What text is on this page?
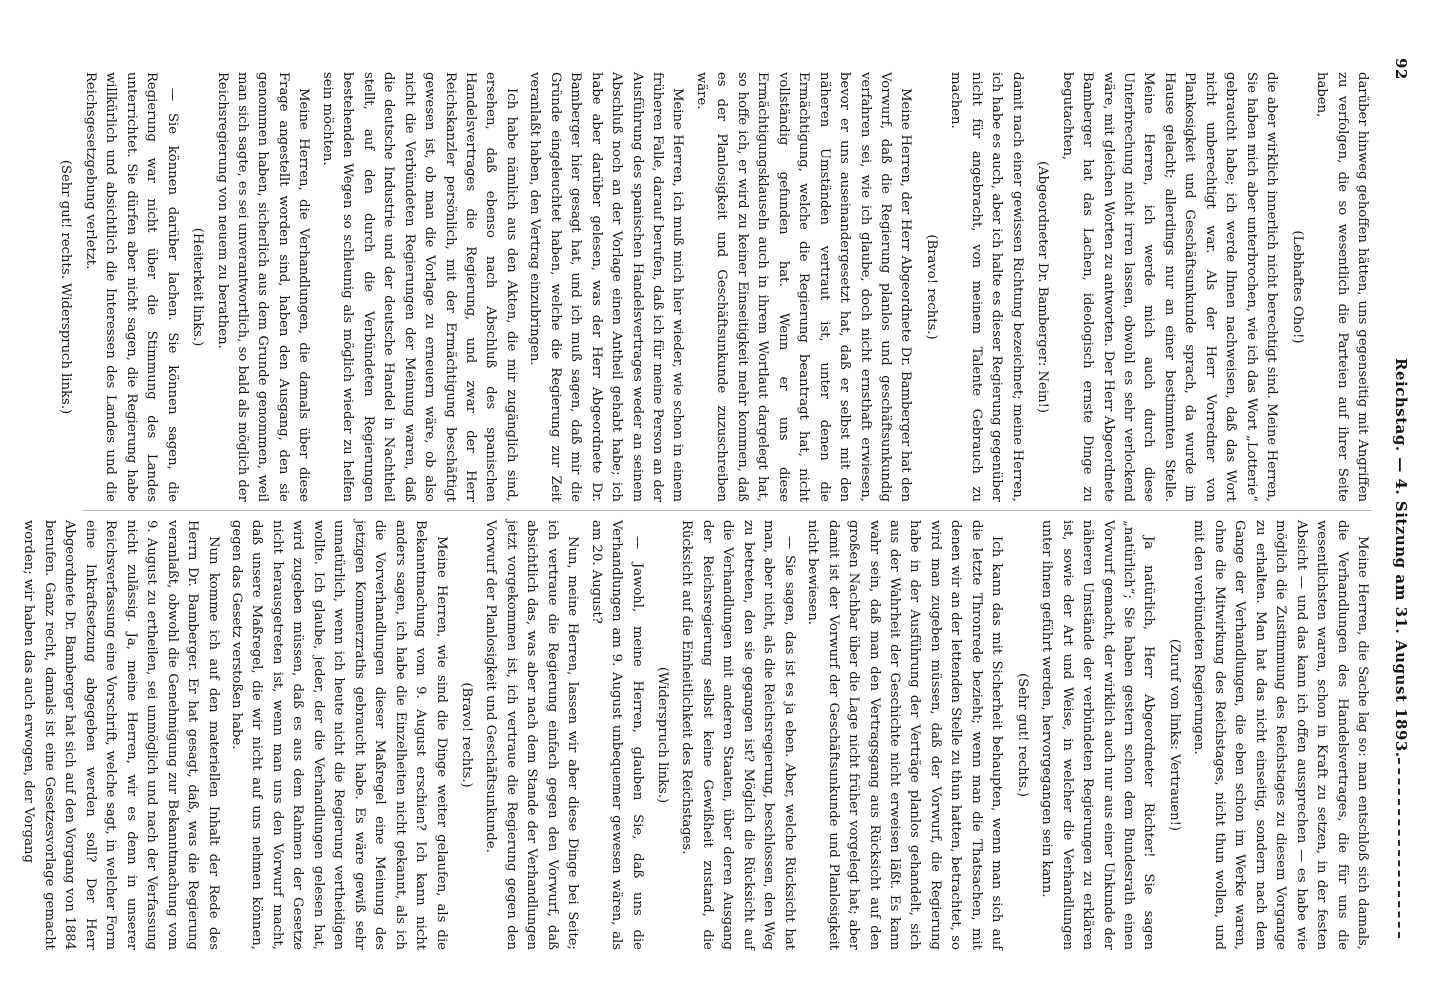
92
Reichstag. — 4. Sitzung am 31. August 1893.

darüber hinweg gehoffen hätten, uns gegenseitig mit Angriffen zu verfolgen, die so wesentlich die Parteien auf ihrer Seite haben,

(Lebhaftes Oho!)

die aber wirklich innerlich nicht berechtigt sind. Meine Herren, Sie haben mich aber unterbrochen, wie ich das Wort „Lotterie“ gebraucht habe; ich werde Ihnen nachweisen, daß das Wort nicht unberechtigt war. Als der Herr Vorredner von Plankosigkeit und Geschäftsunkunde sprach, da wurde im Hause gelacht; allerdings nur an einer bestimmten Stelle. Meine Herren, ich werde mich auch durch diese Unterbrechung nicht irren lassen, obwohl es sehr verlockend wäre, mit gleichen Worten zu antworten. Der Herr Abgeordnete Bamberger hat das Lachen, ideologisch ernste Dinge zu begutachten,

(Abgeordneter Dr. Bamberger: Nein!)

damit nach einer gewissen Richtung bezeichnet; meine Herren, ich habe es auch, aber ich halte es dieser Regierung gegenüber nicht für angebracht, von meinem Talente Gebrauch zu machen.

(Bravo! rechts.)

Meine Herren, der Herr Abgeordnete Dr. Bamberger hat den Vorwurf, daß die Regierung planlos und geschäftsunkundig verfahren sei, wie ich glaube, doch nicht ernsthaft erwiesen, bevor er uns auseinandergesetzt hat, daß er selbst mit den näheren Umständen vertraut ist, unter denen die Ermächtigung, welche die Regierung beantragt hat, nicht vollständig gefunden hat. Wenn er uns diese Ermächtigungsklauseln auch in ihrem Wortlaut dargelegt hat, so hoffe ich, er wird zu keiner Einseitigkeit mehr kommen, daß es der Planlosigkeit und Geschäftsunkunde zuzuschreiben wäre.

Meine Herren, ich muß mich hier wieder, wie schon in einem früheren Falle, darauf berufen, daß ich für meine Person an der Ausführung des spanischen Handelsvertrages weder an seinem Abschluß noch an der Vorlage einen Antheil gehabt habe; ich habe aber darüber gelesen, was der Herr Abgeordnete Dr. Bamberger hier gesagt hat, und ich muß sagen, daß mir die Gründe eingeleuchtet haben, welche die Regierung zur Zeit veranlaßt haben, den Vertrag einzubringen.

Ich habe nämlich aus den Akten, die mir zugänglich sind, ersehen, daß ebenso nach Abschluß des spanischen Handelsvertrages die Regierung, und zwar der Herr Reichskanzler persönlich, mit der Ermächtigung beschäftigt gewesen ist, ob man die Vorlage zu erneuern wäre, ob also nicht die Verbündeten Regierungen der Meinung waren, daß die deutsche Industrie und der deutsche Handel in Nachtheil stellt, auf den durch die Verbündeten Regierungen bestehenden Wegen so schleunig als möglich wieder zu helfen sein möchten.

Meine Herren, die Verhandlungen, die damals über diese Frage angestellt worden sind, haben den Ausgang, den sie genommen haben, sicherlich aus dem Grunde genommen, weil man sich sagte, es sei unverantwortlich, so bald als möglich der Reichsregierung von neuem zu berathen.

(Heiterkeit links.)

— Sie können darüber lachen. Sie können sagen, die Regierung war nicht über die Stimmung des Landes unterrichtet. Sie dürfen aber nicht sagen, die Regierung habe willkürlich und absichtlich die Interessen des Landes und die Reichsgesetzgebung verletzt.

(Sehr gut! rechts. Widerspruch links.)

Meine Herren, die Sache lag so: man entschloß sich damals, die Verhandlungen des Handelsvertrages, die für uns die wesentlichsten waren, schon in Kraft zu setzen, in der festen Absicht — und das kann ich offen aussprechen — es habe wie möglich die Zustimmung des Reichstages zu diesem Vorgange zu erhalten. Man hat das nicht einseitig, sondern nach dem Gange der Verhandlungen, die eben schon im Werke waren, ohne die Mitwirkung des Reichstages, nicht thun wollen, und mit den verbündeten Regierungen.

(Zuruf von links: Vertrauen!)

Ja natürlich, Herr Abgeordneter Richter! Sie sagen „natürlich“; Sie haben gestern schon dem Bundesrath einen Vorwurf gemacht, der wirklich auch nur aus einer Unkunde der näheren Umstände der verbündeten Regierungen zu erklären ist, sowie der Art und Weise, in welcher die Verhandlungen unter ihnen geführt werden, hervorgegangen sein kann.

(Sehr gut! rechts.)

Ich kann das mit Sicherheit behaupten, wenn man sich auf die letzte Thronrede bezieht; wenn man die Thatsachen, mit denen wir an der lettenden Stelle zu thun hatten, betrachtet, so wird man zugeben müssen, daß der Vorwurf, die Regierung habe in der Ausführung der Verträge planlos gehandelt, sich aus der Wahrheit der Geschichte nicht erweisen läßt. Es kann wahr sein, daß man den Vertragsgang aus Rücksicht auf den großen Nachbar über die Lage nicht früher vorgelegt hat; aber damit ist der Vorwurf der Geschäftsunkunde und Planlosigkeit nicht bewiesen.

— Sie sagen, das ist es ja eben. Aber, welche Rücksicht hat man, aber nicht, als die Reichsregierung, beschlossen, den Weg zu betreten, den sie gegangen ist? Möglich die Rücksicht auf die Verhandlungen mit anderen Staaten, über deren Ausgang der Reichsregierung selbst keine Gewißheit zustand, die Rücksicht auf die Einheitlichkeit des Reichstages.

(Widerspruch links.)

— Jawohl, meine Herren, glauben Sie, daß uns die Verhandlungen am 9. August unbequemer gewesen wären, als am 20. August?

Nun, meine Herren, lassen wir aber diese Dinge bei Seite; ich vertraue die Regierung einfach gegen den Vorwurf, daß absichtlich das, was aber nach dem Stande der Verhandlungen jetzt vorgekommen ist, ich vertraue die Regierung gegen den Vorwurf der Planlosigkeit und Geschäftsunkunde.

(Bravo! rechts.)

Meine Herren, wie sind die Dinge weiter gelaufen, als die Bekanntmachung vom 9. August erschien? Ich kann nicht anders sagen, ich habe die Einzelheiten nicht gekannt, als ich die Vorverhandlungen dieser Maßregel eine Meinung des jetzigen Kommerzraths gebraucht habe. Es wäre gewiß sehr unnatürlich, wenn ich heute nicht die Regierung vertheidigen wollte. Ich glaube, jeder, der die Verhandlungen gelesen hat, wird zugeben müssen, daß es aus dem Rahmen der Gesetze nicht herausgetreten ist, wenn man uns den Vorwurf macht, daß unsere Maßregel, die wir nicht auf uns nehmen können, gegen das Gesetz verstoßen habe.

Nun komme ich auf den materiellen Inhalt der Rede des Herrn Dr. Bamberger. Er hat gesagt, daß, was die Regierung veranlaßt, obwohl die Genehmigung zur Bekanntmachung vom 9. August zu ertheilen, sei unmöglich und nach der Verfassung nicht zulässig. Ja, meine Herren, wir es denn in unserer Reichsverfassung eine Vorschrift, welche sagt, in welcher Form eine Inkraftsetzung abgegeben werden soll? Der Herr Abgeordnete Dr. Bamberger hat sich auf den Vorgang von 1884 berufen. Ganz recht, damals ist eine Gesetzesvorlage gemacht worden; wir haben das auch erwogen, der Vorgang
